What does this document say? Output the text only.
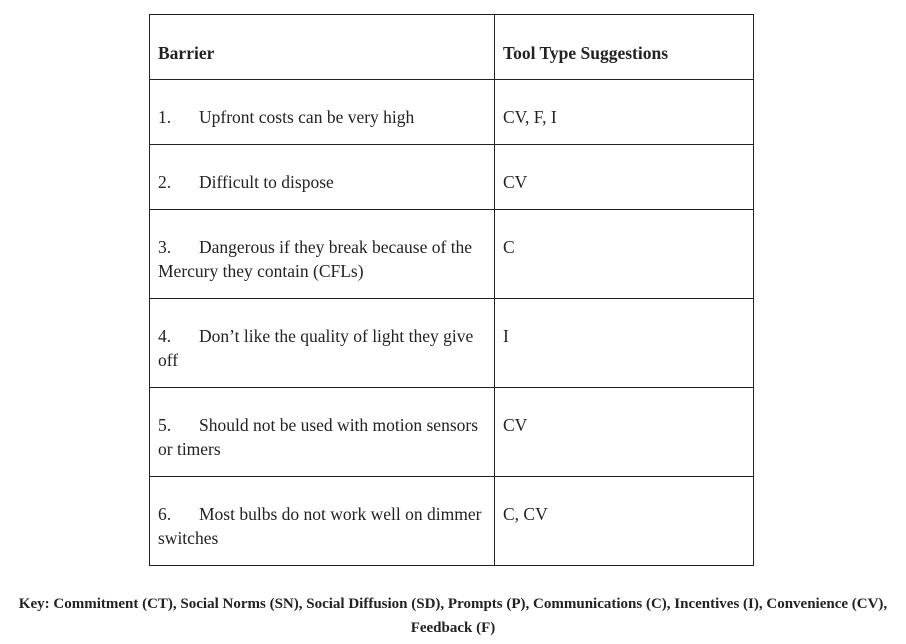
Barrier	Tool Type Suggestions

1. Upfront costs can be very high	CV, F, I

2. Difficult to dispose	CV

3. Dangerous if they break because of the Mercury they contain (CFLs)	C

4. Don’t like the quality of light they give off	I

5. Should not be used with motion sensors or timers	CV

6. Most bulbs do not work well on dimmer switches	C, CV
Key: Commitment (CT), Social Norms (SN), Social Diffusion (SD), Prompts (P), Communications (C), Incentives (I), Convenience (CV), Feedback (F)
